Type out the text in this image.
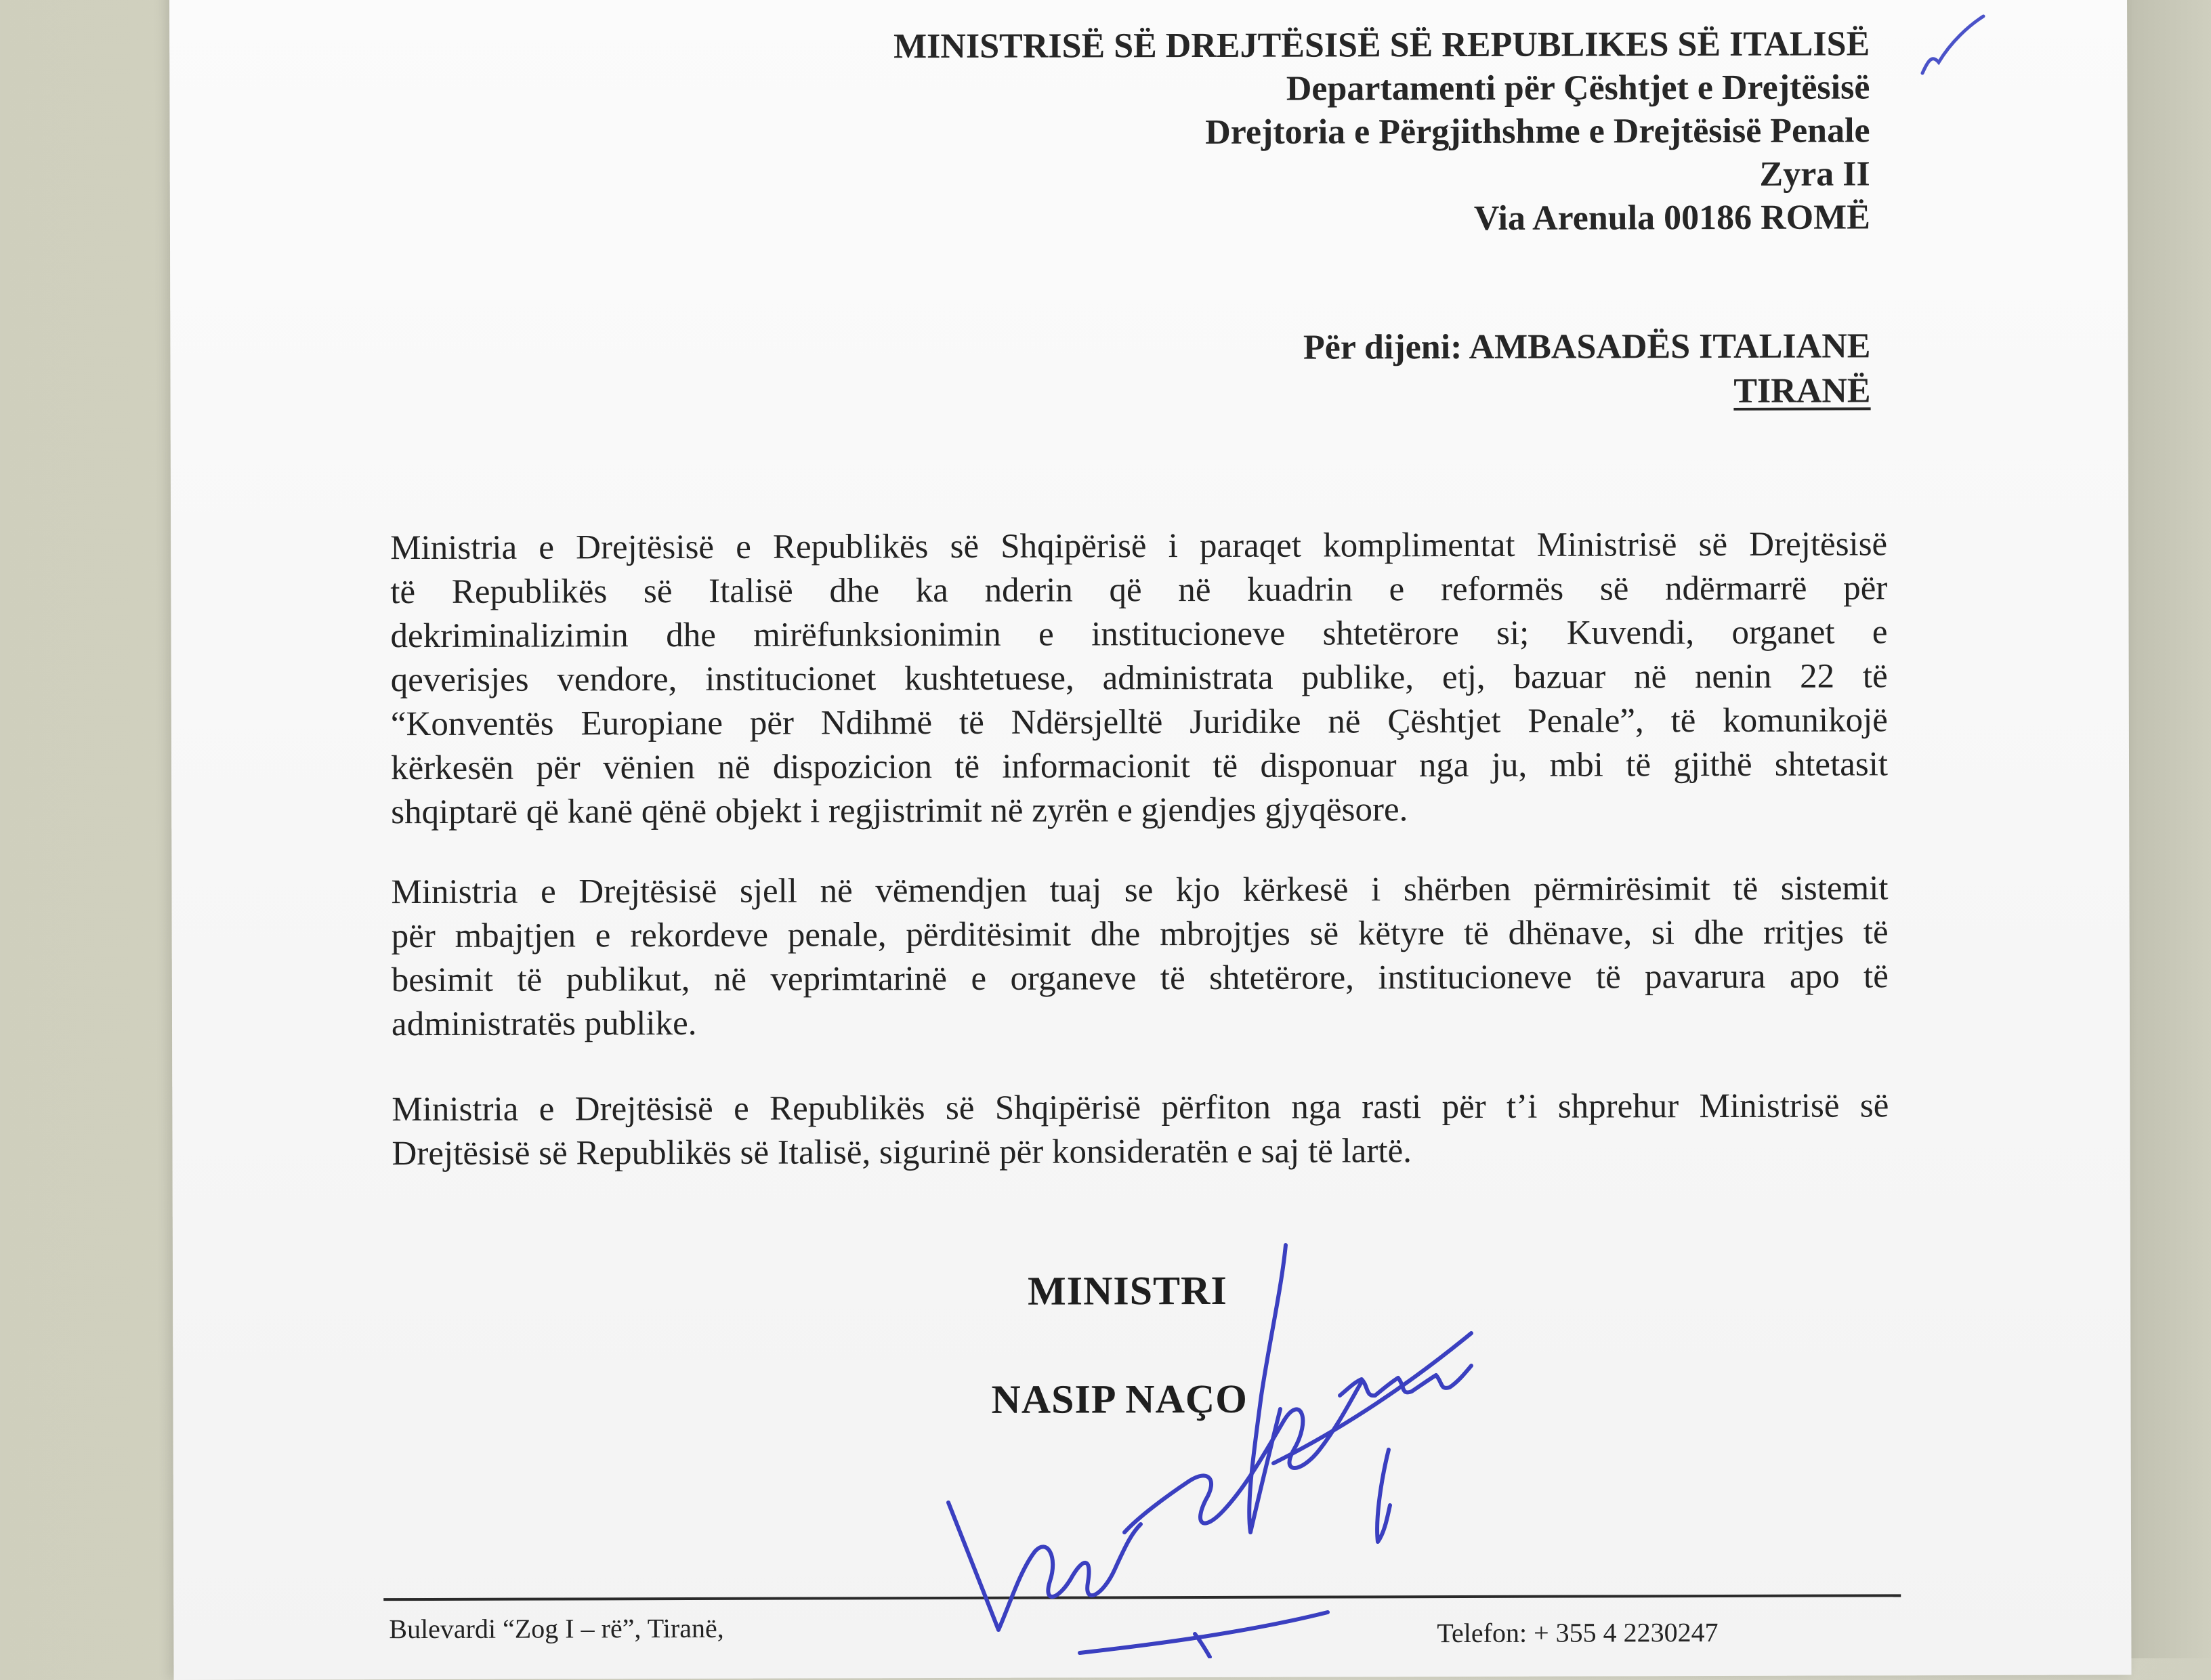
MINISTRISË SË DREJTËSISË SË REPUBLIKES SË ITALISË
Departamenti për Çështjet e Drejtësisë
Drejtoria e Përgjithshme e Drejtësisë Penale
Zyra II
Via Arenula 00186 ROMË
Për dijeni: AMBASADËS ITALIANE
TIRANË
Ministria e Drejtësisë e Republikës së Shqipërisë i paraqet komplimentat Ministrisë së Drejtësisë
të Republikës së Italisë dhe ka nderin që në kuadrin e reformës së ndërmarrë për
dekriminalizimin dhe mirëfunksionimin e institucioneve shtetërore si; Kuvendi, organet e
qeverisjes vendore, institucionet kushtetuese, administrata publike, etj, bazuar në nenin 22 të
“Konventës Europiane për Ndihmë të Ndërsjelltë Juridike në Çështjet Penale”, të komunikojë
kërkesën për vënien në dispozicion të informacionit të disponuar nga ju, mbi të gjithë shtetasit
shqiptarë që kanë qënë objekt i regjistrimit në zyrën e gjendjes gjyqësore.
Ministria e Drejtësisë sjell në vëmendjen tuaj se kjo kërkesë i shërben përmirësimit të sistemit
për mbajtjen e rekordeve penale, përditësimit dhe mbrojtjes së këtyre të dhënave, si dhe rritjes të
besimit të publikut, në veprimtarinë e organeve të shtetërore, institucioneve të pavarura apo të
administratës publike.
Ministria e Drejtësisë e Republikës së Shqipërisë përfiton nga rasti për t’i shprehur Ministrisë së
Drejtësisë së Republikës së Italisë, sigurinë për konsideratën e saj të lartë.
MINISTRI
NASIP NAÇO
Bulevardi “Zog I – rë”, Tiranë,	Telefon: + 355 4 2230247
